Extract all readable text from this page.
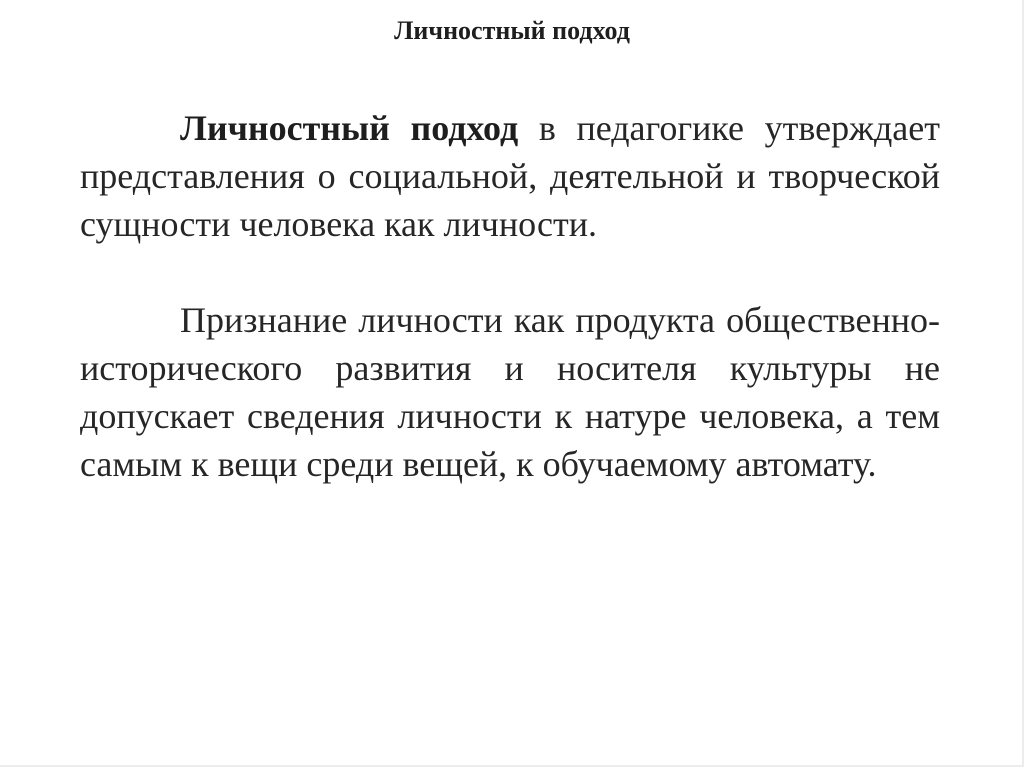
Личностный подход

Личностный подход в педагогике утверждает представления о социальной, деятельной и творческой сущности человека как личности.

Признание личности как продукта общественно-исторического развития и носителя культуры не допускает сведения личности к натуре человека, а тем самым к вещи среди вещей, к обучаемому автомату.
